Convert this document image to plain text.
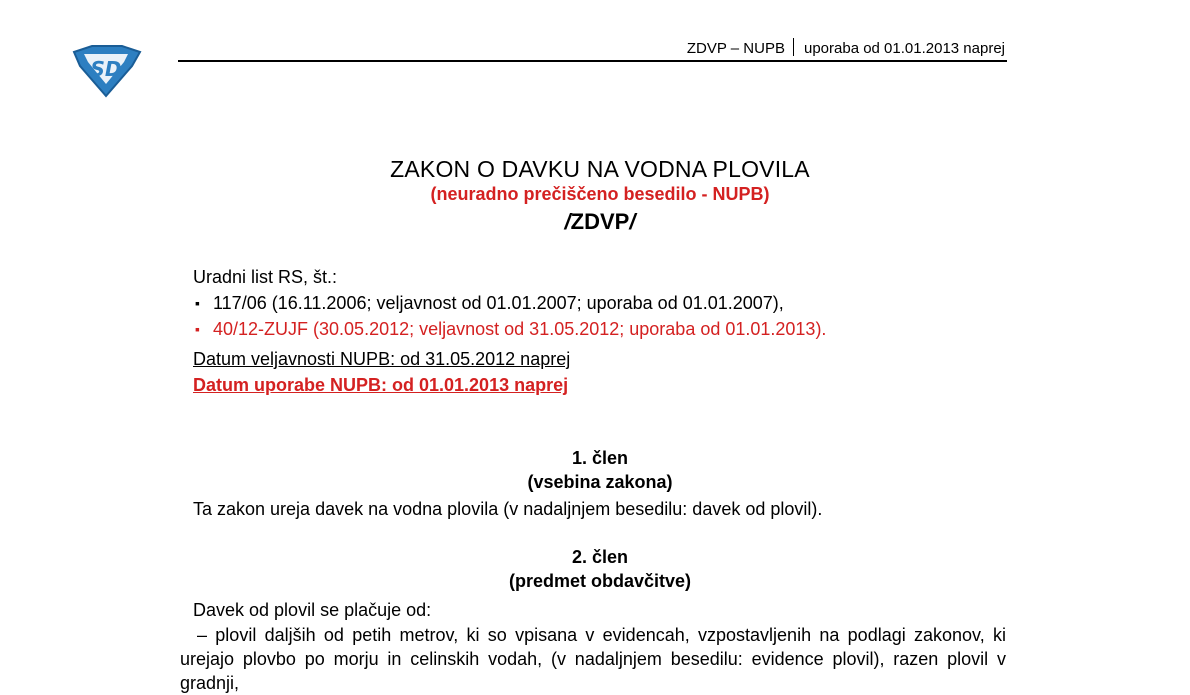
SD
ZDVP – NUPB uporaba od 01.01.2013 naprej
ZAKON O DAVKU NA VODNA PLOVILA
(neuradno prečiščeno besedilo - NUPB)
/ZDVP/
Uradni list RS, št.:
▪ 117/06 (16.11.2006; veljavnost od 01.01.2007; uporaba od 01.01.2007),
▪ 40/12-ZUJF (30.05.2012; veljavnost od 31.05.2012; uporaba od 01.01.2013).
Datum veljavnosti NUPB: od 31.05.2012 naprej
Datum uporabe NUPB: od 01.01.2013 naprej
1. člen
(vsebina zakona)
Ta zakon ureja davek na vodna plovila (v nadaljnjem besedilu: davek od plovil).
2. člen
(predmet obdavčitve)
Davek od plovil se plačuje od:
– plovil daljših od petih metrov, ki so vpisana v evidencah, vzpostavljenih na podlagi zakonov, ki urejajo plovbo po morju in celinskih vodah, (v nadaljnjem besedilu: evidence plovil), razen plovil v gradnji,
